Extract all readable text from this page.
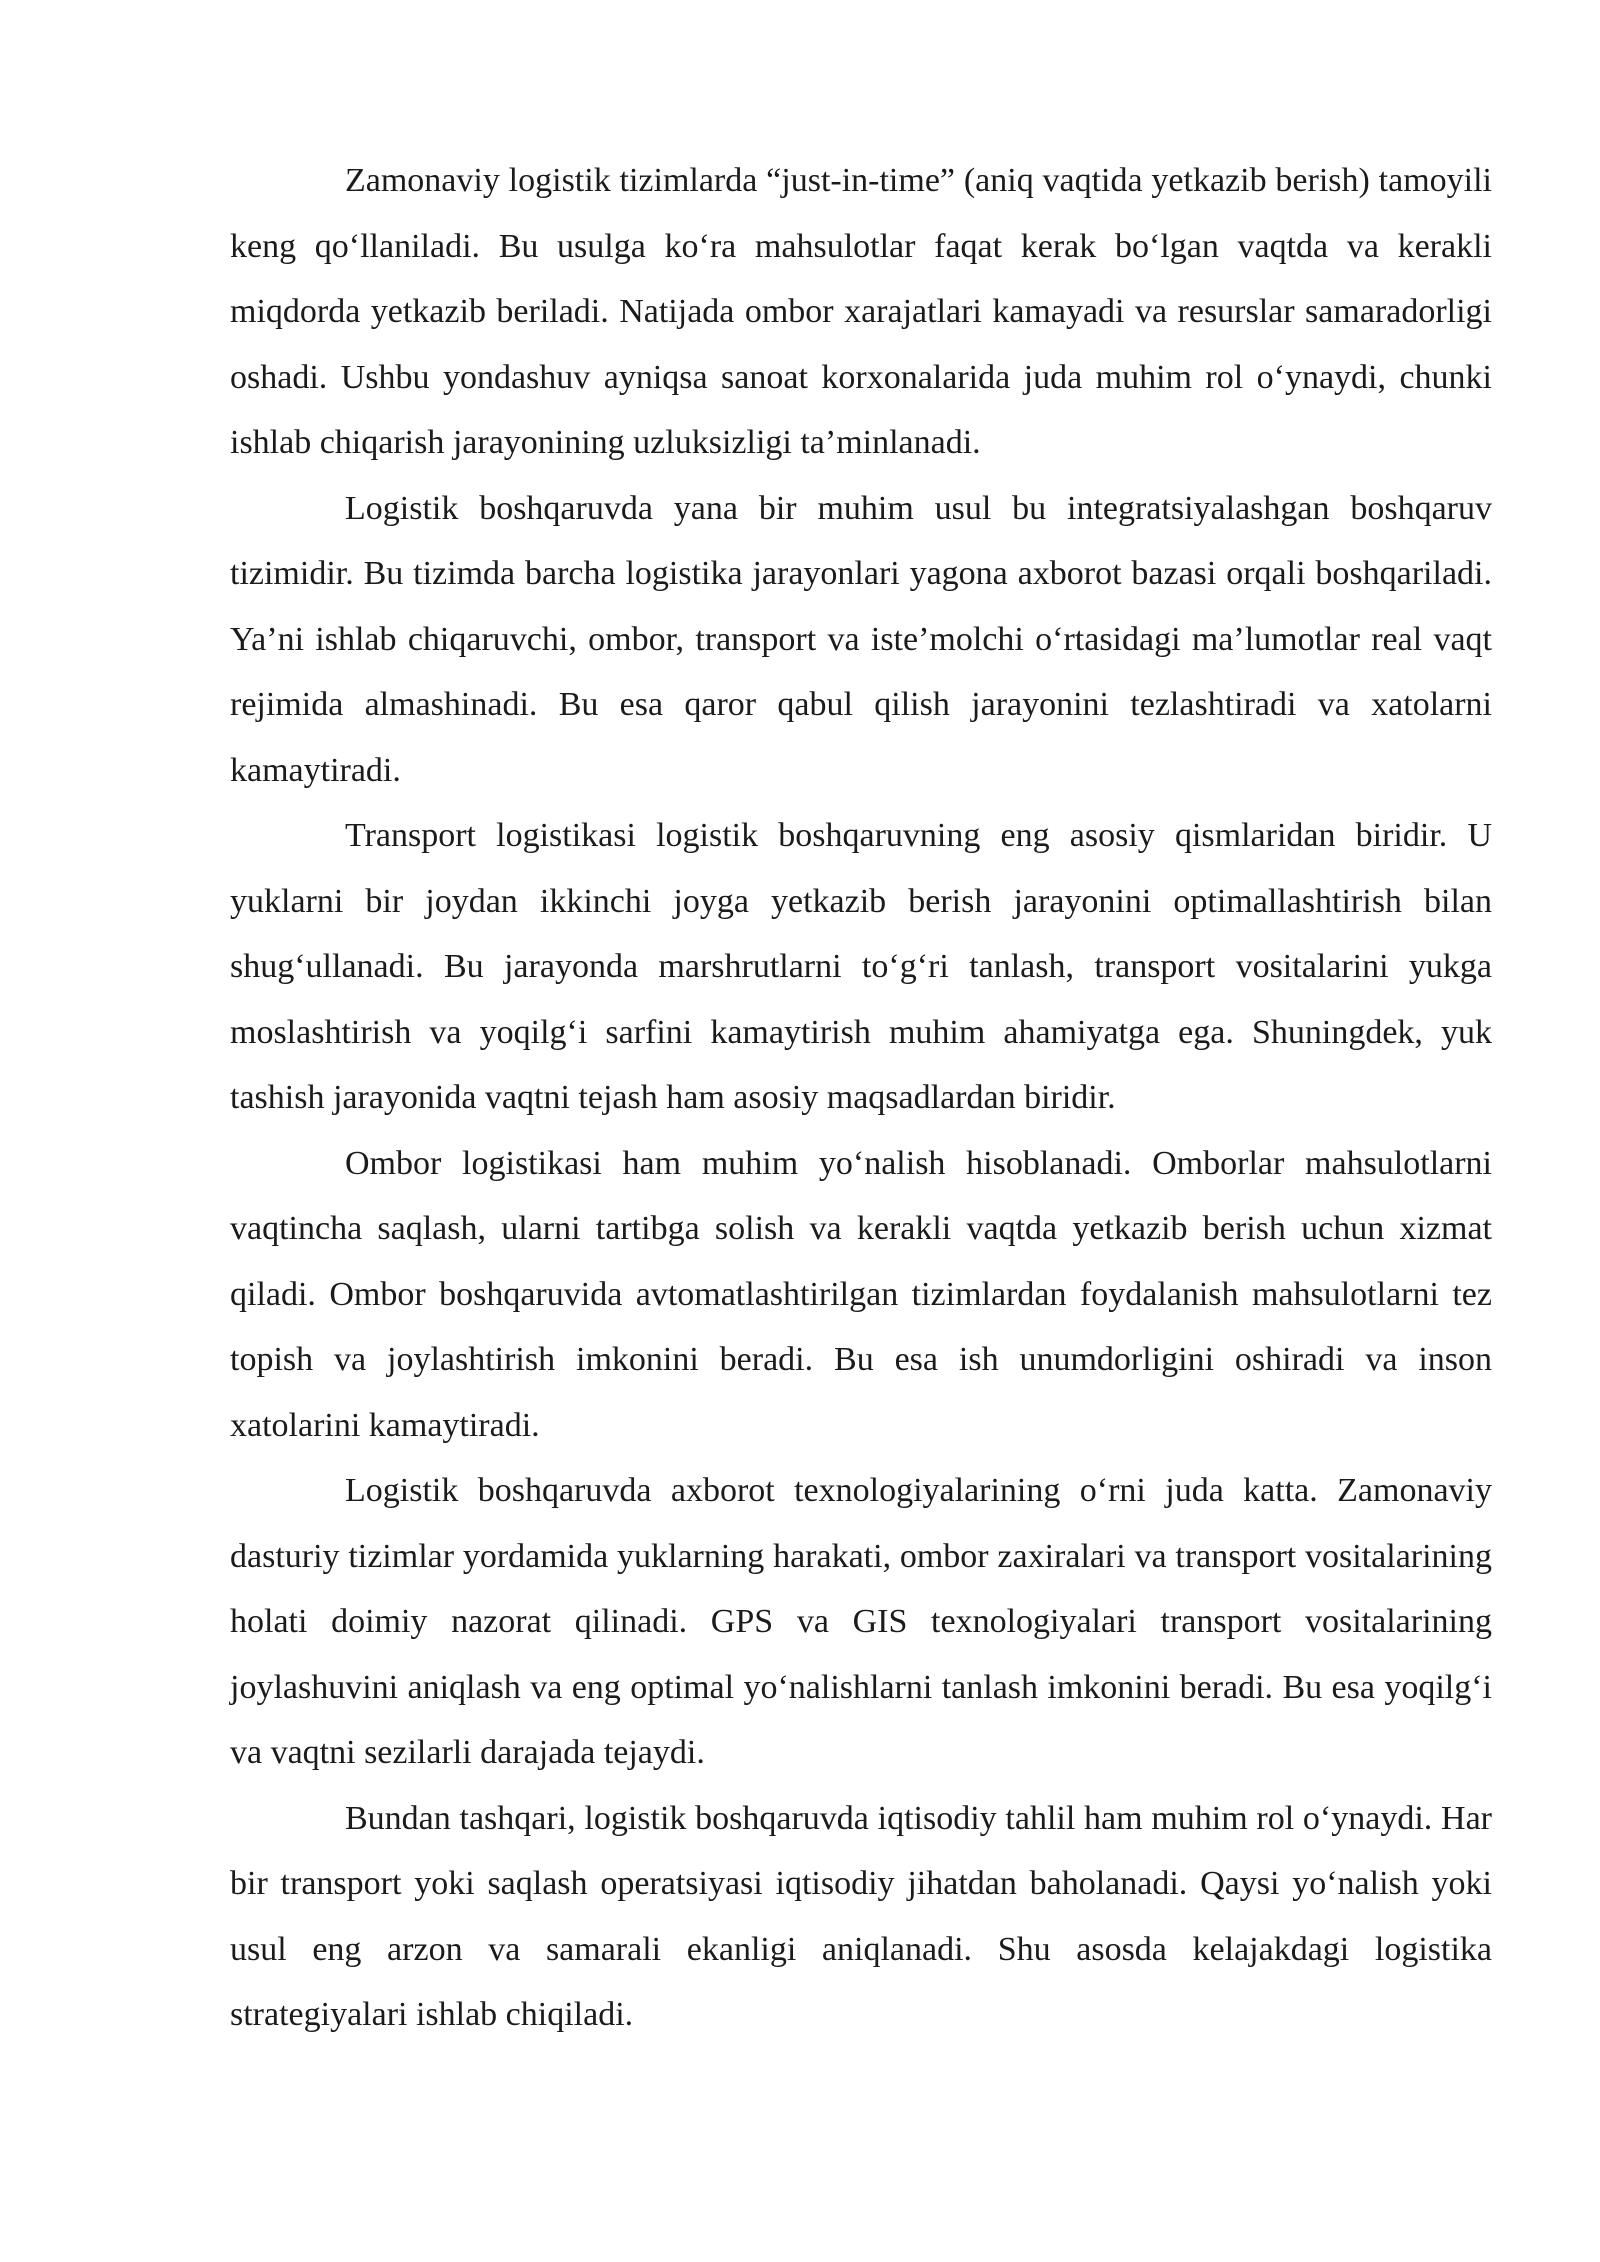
Zamonaviy logistik tizimlarda “just-in-time” (aniq vaqtida yetkazib berish) tamoyili keng qo‘llaniladi. Bu usulga ko‘ra mahsulotlar faqat kerak bo‘lgan vaqtda va kerakli miqdorda yetkazib beriladi. Natijada ombor xarajatlari kamayadi va resurslar samaradorligi oshadi. Ushbu yondashuv ayniqsa sanoat korxonalarida juda muhim rol o‘ynaydi, chunki ishlab chiqarish jarayonining uzluksizligi ta’minlanadi.

Logistik boshqaruvda yana bir muhim usul bu integratsiyalashgan boshqaruv tizimidir. Bu tizimda barcha logistika jarayonlari yagona axborot bazasi orqali boshqariladi. Ya’ni ishlab chiqaruvchi, ombor, transport va iste’molchi o‘rtasidagi ma’lumotlar real vaqt rejimida almashinadi. Bu esa qaror qabul qilish jarayonini tezlashtiradi va xatolarni kamaytiradi.

Transport logistikasi logistik boshqaruvning eng asosiy qismlaridan biridir. U yuklarni bir joydan ikkinchi joyga yetkazib berish jarayonini optimallashtirish bilan shug‘ullanadi. Bu jarayonda marshrutlarni to‘g‘ri tanlash, transport vositalarini yukga moslashtirish va yoqilg‘i sarfini kamaytirish muhim ahamiyatga ega. Shuningdek, yuk tashish jarayonida vaqtni tejash ham asosiy maqsadlardan biridir.

Ombor logistikasi ham muhim yo‘nalish hisoblanadi. Omborlar mahsulotlarni vaqtincha saqlash, ularni tartibga solish va kerakli vaqtda yetkazib berish uchun xizmat qiladi. Ombor boshqaruvida avtomatlashtirilgan tizimlardan foydalanish mahsulotlarni tez topish va joylashtirish imkonini beradi. Bu esa ish unumdorligini oshiradi va inson xatolarini kamaytiradi.

Logistik boshqaruvda axborot texnologiyalarining o‘rni juda katta. Zamonaviy dasturiy tizimlar yordamida yuklarning harakati, ombor zaxiralari va transport vositalarining holati doimiy nazorat qilinadi. GPS va GIS texnologiyalari transport vositalarining joylashuvini aniqlash va eng optimal yo‘nalishlarni tanlash imkonini beradi. Bu esa yoqilg‘i va vaqtni sezilarli darajada tejaydi.

Bundan tashqari, logistik boshqaruvda iqtisodiy tahlil ham muhim rol o‘ynaydi. Har bir transport yoki saqlash operatsiyasi iqtisodiy jihatdan baholanadi. Qaysi yo‘nalish yoki usul eng arzon va samarali ekanligi aniqlanadi. Shu asosda kelajakdagi logistika strategiyalari ishlab chiqiladi.
